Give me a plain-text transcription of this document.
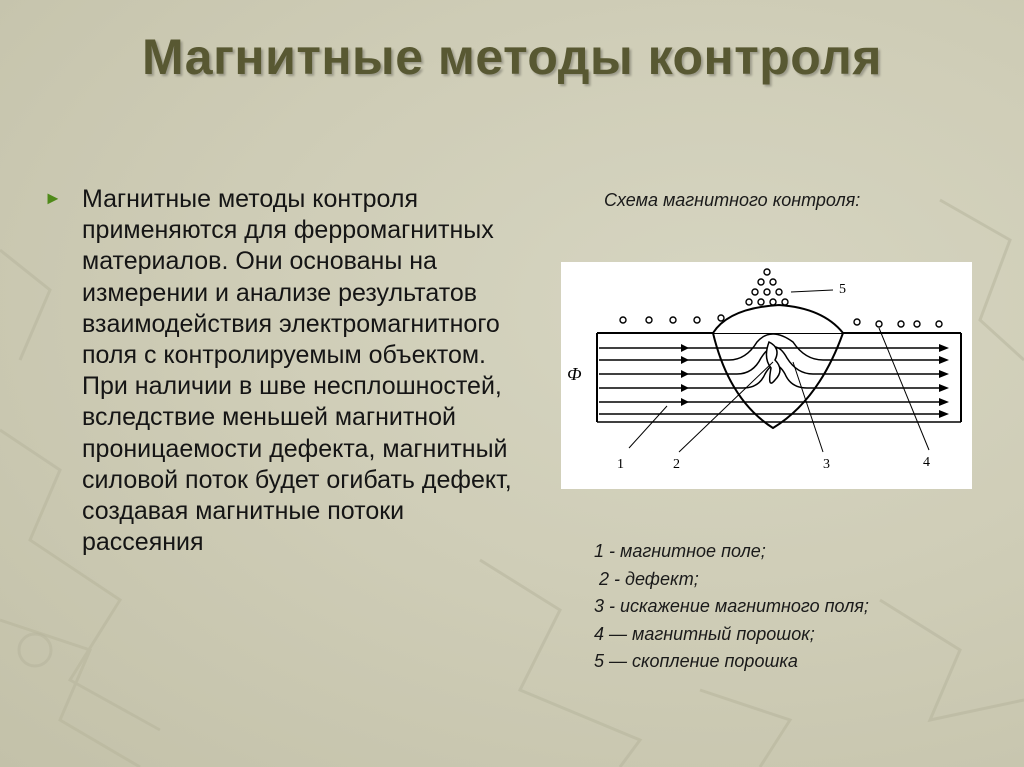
Магнитные методы контроля
► Магнитные методы контроля применяются для ферромагнитных материалов. Они основаны на измерении и анализе результатов взаимодействия электромагнитного поля с контролируемым объектом. При наличии в шве несплошностей, вследствие меньшей магнитной проницаемости дефекта, магнитный силовой поток будет огибать дефект, создавая магнитные потоки рассеяния
Схема магнитного контроля:
Ф
1	2	3	4
5
1 - магнитное поле;
2 - дефект;
3 - искажение магнитного поля;
4 — магнитный порошок;
5 — скопление порошка
